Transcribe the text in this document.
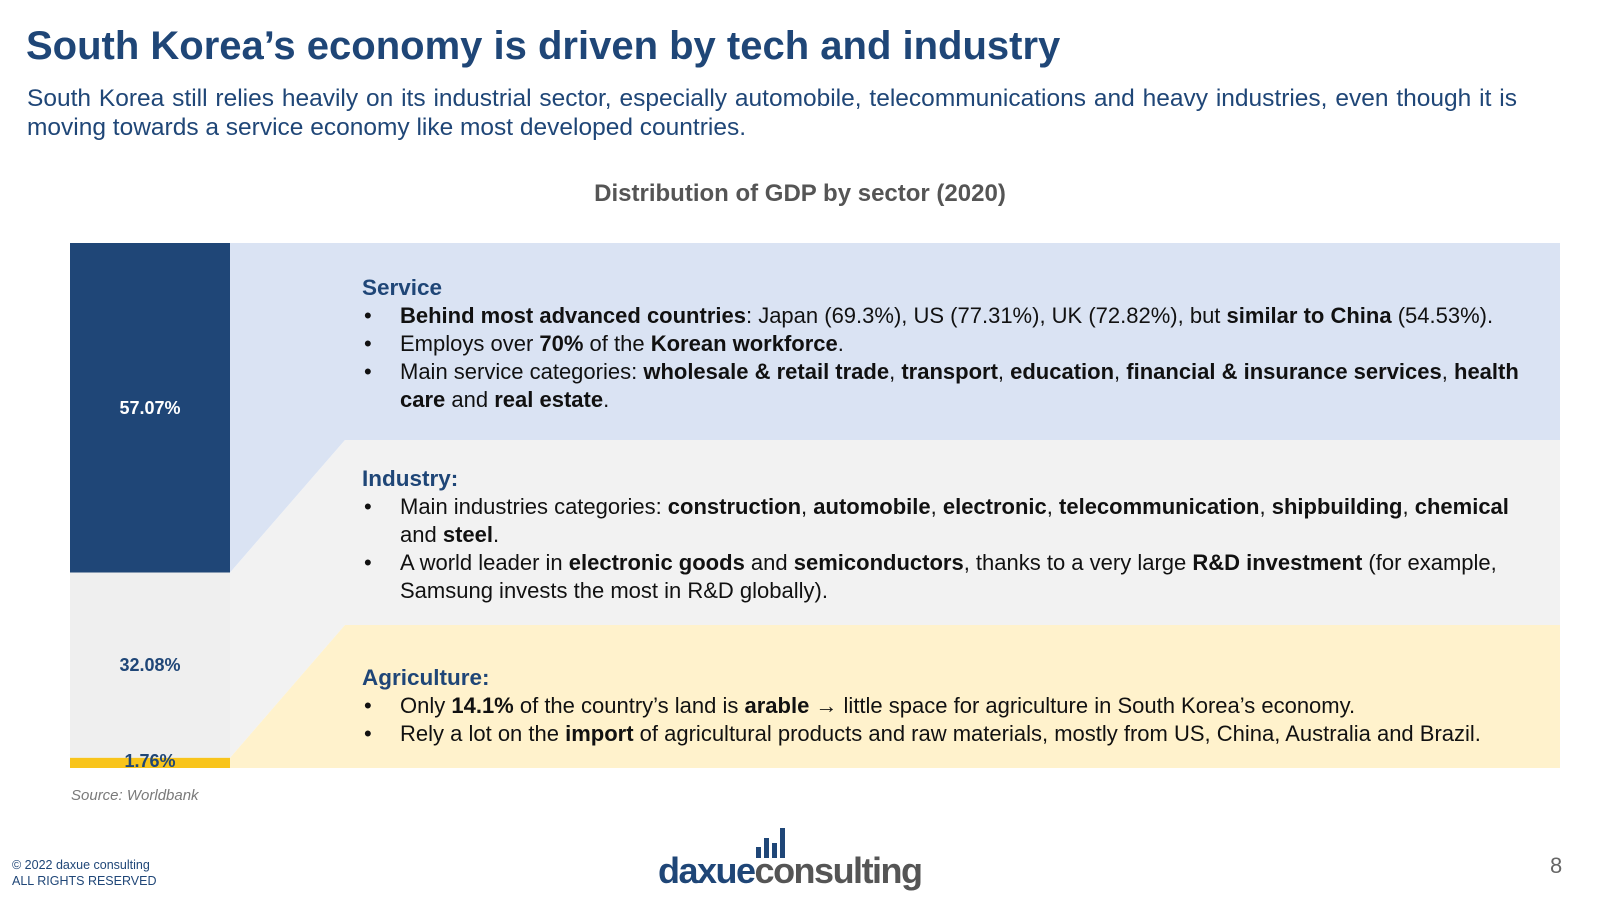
South Korea’s economy is driven by tech and industry

South Korea still relies heavily on its industrial sector, especially automobile, telecommunications and heavy industries, even though it is moving towards a service economy like most developed countries.

Distribution of GDP by sector (2020)
57.07%
32.08%
1.76%
Service
• Behind most advanced countries: Japan (69.3%), US (77.31%), UK (72.82%), but similar to China (54.53%).
• Employs over 70% of the Korean workforce.
• Main service categories: wholesale & retail trade, transport, education, financial & insurance services, health care and real estate.
Industry:
• Main industries categories: construction, automobile, electronic, telecommunication, shipbuilding, chemical and steel.
• A world leader in electronic goods and semiconductors, thanks to a very large R&D investment (for example, Samsung invests the most in R&D globally).
Agriculture:
• Only 14.1% of the country’s land is arable → little space for agriculture in South Korea’s economy.
• Rely a lot on the import of agricultural products and raw materials, mostly from US, China, Australia and Brazil.
Source: Worldbank
© 2022 daxue consulting
ALL RIGHTS RESERVED	daxueconsulting	8
